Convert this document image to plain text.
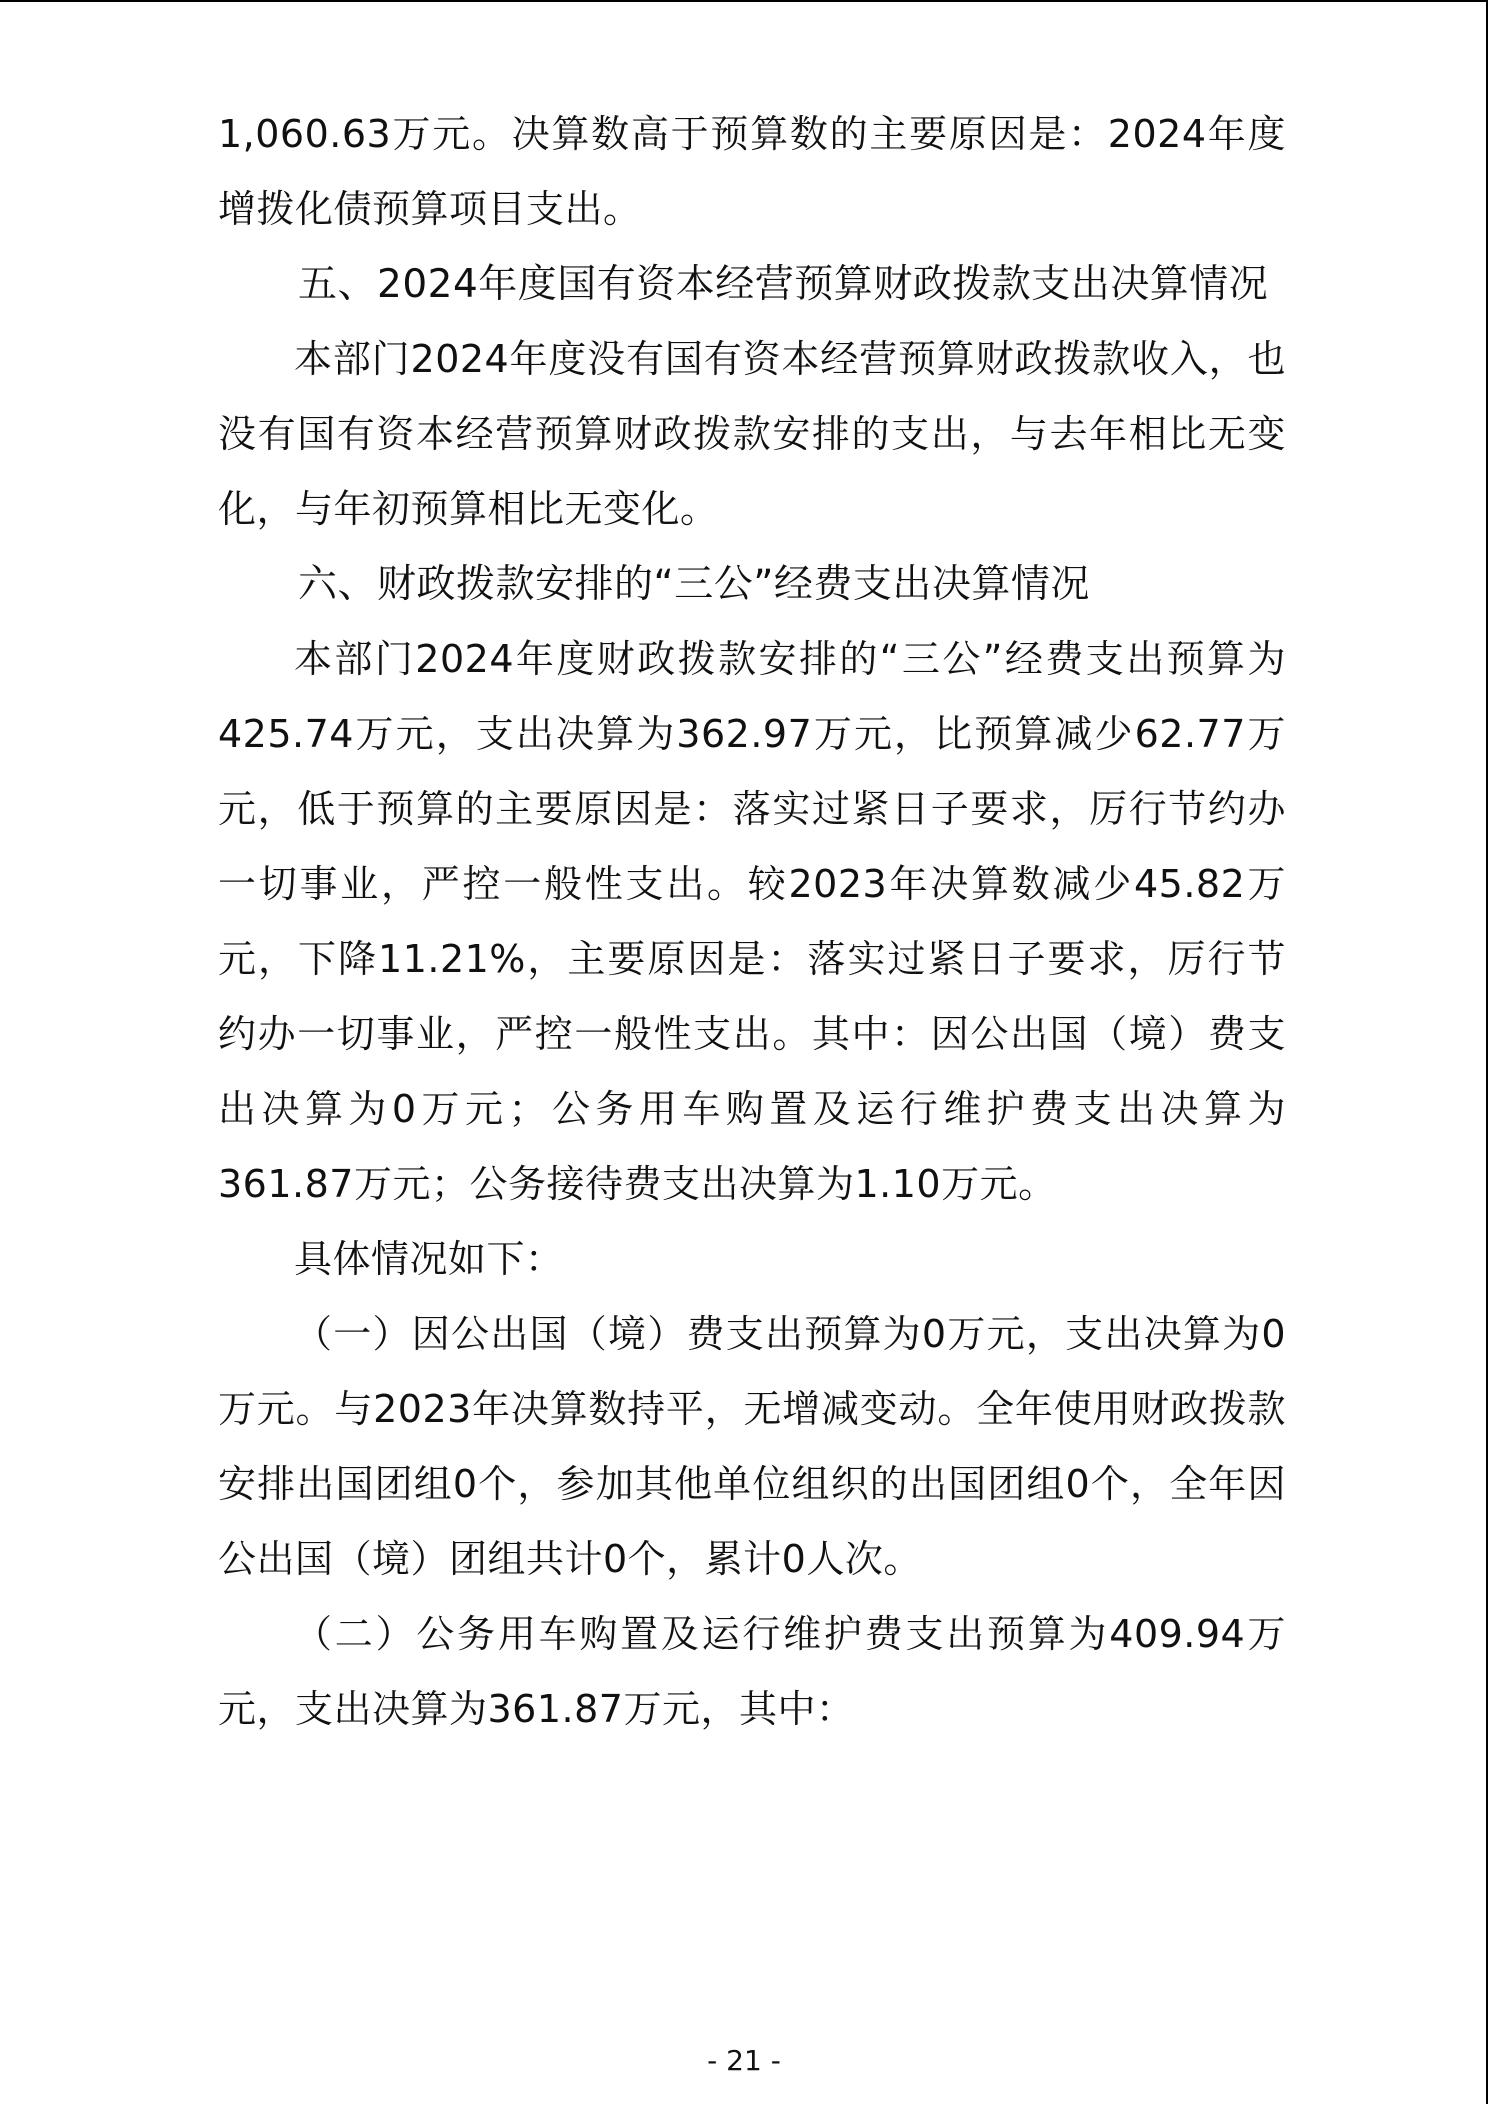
1,060.63万元。决算数高于预算数的主要原因是：2024年度增拨化债预算项目支出。

五、2024年度国有资本经营预算财政拨款支出决算情况

本部门2024年度没有国有资本经营预算财政拨款收入，也没有国有资本经营预算财政拨款安排的支出，与去年相比无变化，与年初预算相比无变化。

六、财政拨款安排的“三公”经费支出决算情况

本部门2024年度财政拨款安排的“三公”经费支出预算为425.74万元，支出决算为362.97万元，比预算减少62.77万元，低于预算的主要原因是：落实过紧日子要求，厉行节约办一切事业，严控一般性支出。较2023年决算数减少45.82万元，下降11.21%，主要原因是：落实过紧日子要求，厉行节约办一切事业，严控一般性支出。其中：因公出国（境）费支出决算为0万元；公务用车购置及运行维护费支出决算为361.87万元；公务接待费支出决算为1.10万元。

具体情况如下：

（一）因公出国（境）费支出预算为0万元，支出决算为0万元。与2023年决算数持平，无增减变动。全年使用财政拨款安排出国团组0个，参加其他单位组织的出国团组0个，全年因公出国（境）团组共计0个，累计0人次。

（二）公务用车购置及运行维护费支出预算为409.94万元，支出决算为361.87万元，其中：

- 21 -
